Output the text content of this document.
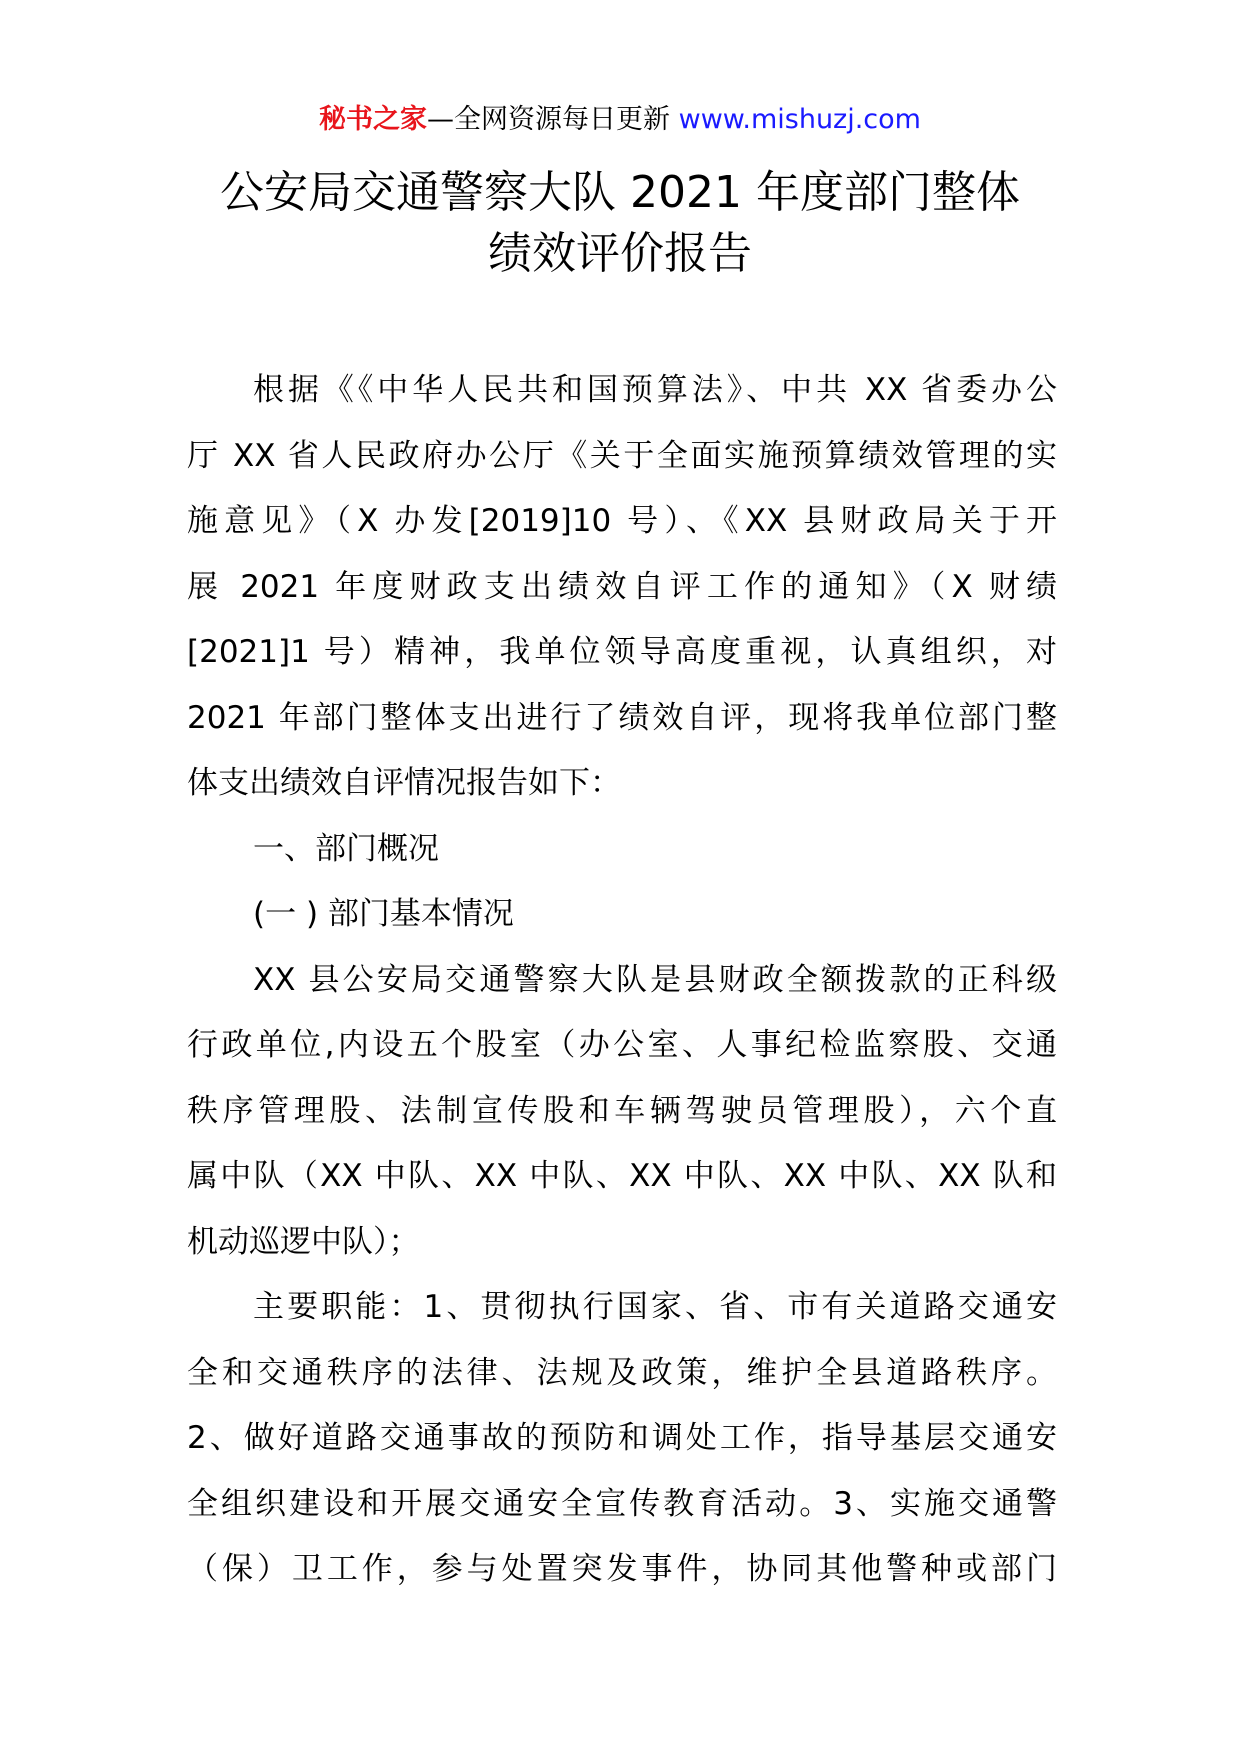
秘书之家—全网资源每日更新 www.mishuzj.com
公安局交通警察大队 2021 年度部门整体
绩效评价报告
根据《《中华人民共和国预算法》、中共 XX 省委办公
厅 XX 省人民政府办公厅《关于全面实施预算绩效管理的实
施意见》（X 办发[2019]10 号）、《XX 县财政局关于开
展 2021 年度财政支出绩效自评工作的通知》（X 财绩
[2021]1 号）精神，我单位领导高度重视，认真组织，对
2021 年部门整体支出进行了绩效自评，现将我单位部门整
体支出绩效自评情况报告如下：
一、部门概况
(一 ) 部门基本情况
XX 县公安局交通警察大队是县财政全额拨款的正科级
行政单位,内设五个股室（办公室、人事纪检监察股、交通
秩序管理股、法制宣传股和车辆驾驶员管理股），六个直
属中队（XX 中队、XX 中队、XX 中队、XX 中队、XX 队和
机动巡逻中队）；
主要职能：1、贯彻执行国家、省、市有关道路交通安
全和交通秩序的法律、法规及政策，维护全县道路秩序。
2、做好道路交通事故的预防和调处工作，指导基层交通安
全组织建设和开展交通安全宣传教育活动。3、实施交通警
（保）卫工作，参与处置突发事件，协同其他警种或部门
